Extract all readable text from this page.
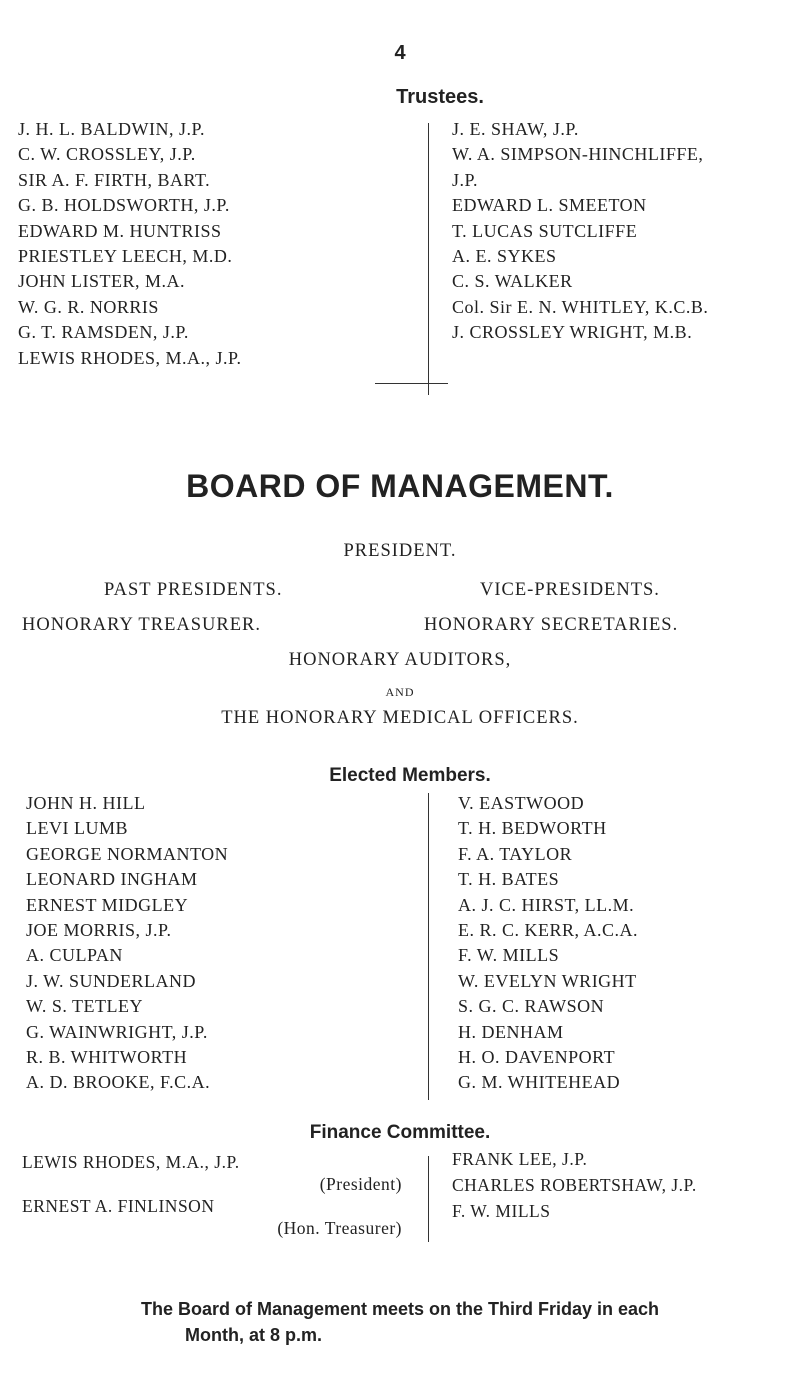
4
Trustees.
J. H. L. BALDWIN, J.P.
C. W. CROSSLEY, J.P.
SIR A. F. FIRTH, BART.
G. B. HOLDSWORTH, J.P.
EDWARD M. HUNTRISS
PRIESTLEY LEECH, M.D.
JOHN LISTER, M.A.
W. G. R. NORRIS
G. T. RAMSDEN, J.P.
LEWIS RHODES, M.A., J.P.
J. E. SHAW, J.P.
W. A. SIMPSON-HINCHLIFFE,
J.P.
EDWARD L. SMEETON
T. LUCAS SUTCLIFFE
A. E. SYKES
C. S. WALKER
Col. Sir E. N. WHITLEY, K.C.B.
J. CROSSLEY WRIGHT, M.B.
BOARD OF MANAGEMENT.
PRESIDENT.
PAST PRESIDENTS.	VICE-PRESIDENTS.
HONORARY TREASURER.	HONORARY SECRETARIES.
HONORARY AUDITORS,
AND
THE HONORARY MEDICAL OFFICERS.
Elected Members.
JOHN H. HILL
LEVI LUMB
GEORGE NORMANTON
LEONARD INGHAM
ERNEST MIDGLEY
JOE MORRIS, J.P.
A. CULPAN
J. W. SUNDERLAND
W. S. TETLEY
G. WAINWRIGHT, J.P.
R. B. WHITWORTH
A. D. BROOKE, F.C.A.
V. EASTWOOD
T. H. BEDWORTH
F. A. TAYLOR
T. H. BATES
A. J. C. HIRST, LL.M.
E. R. C. KERR, A.C.A.
F. W. MILLS
W. EVELYN WRIGHT
S. G. C. RAWSON
H. DENHAM
H. O. DAVENPORT
G. M. WHITEHEAD
Finance Committee.
LEWIS RHODES, M.A., J.P.
(President)
ERNEST A. FINLINSON
(Hon. Treasurer)
FRANK LEE, J.P.
CHARLES ROBERTSHAW, J.P.
F. W. MILLS
The Board of Management meets on the Third Friday in each
Month, at 8 p.m.
